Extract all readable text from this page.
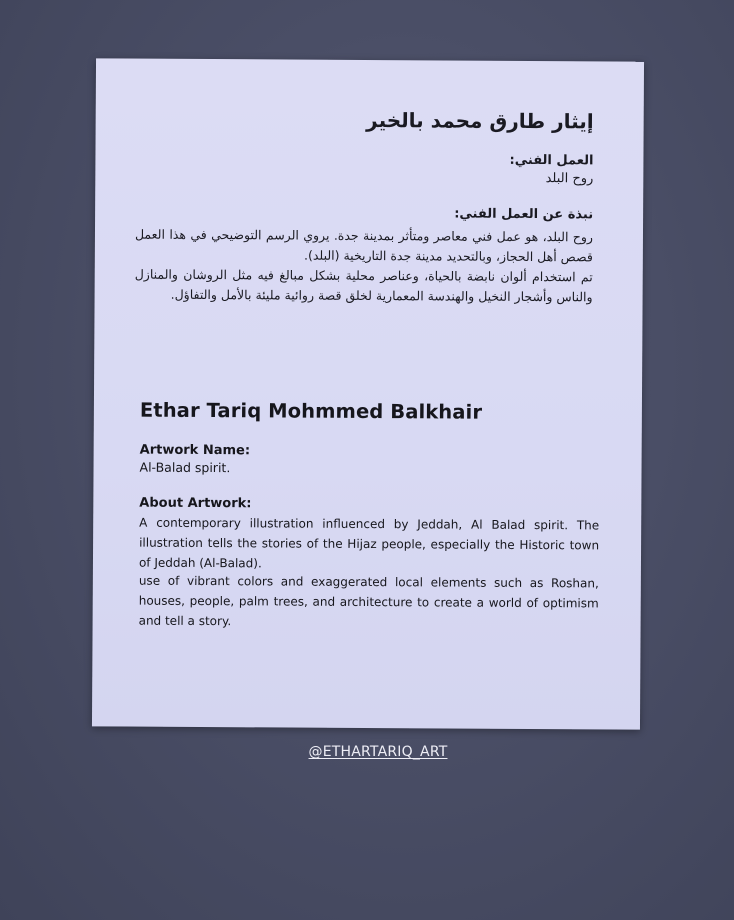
إيثار طارق محمد بالخير
العمل الفني:
روح البلد
نبذة عن العمل الفني:
روح البلد، هو عمل فني معاصر ومتأثر بمدينة جدة. يروي الرسم التوضيحي في هذا العمل قصص أهل الحجاز، وبالتحديد مدينة جدة التاريخية (البلد).
تم استخدام ألوان نابضة بالحياة، وعناصر محلية بشكل مبالغ فيه مثل الروشان والمنازل والناس وأشجار النخيل والهندسة المعمارية لخلق قصة روائية مليئة بالأمل والتفاؤل.
Ethar Tariq Mohmmed Balkhair
Artwork Name:
Al-Balad spirit.
About Artwork:
A contemporary illustration influenced by Jeddah, Al Balad spirit. The illustration tells the stories of the Hijaz people, especially the Historic town of Jeddah (Al-Balad).
use of vibrant colors and exaggerated local elements such as Roshan, houses, people, palm trees, and architecture to create a world of optimism and tell a story.
@ETHARTARIQ_ART
